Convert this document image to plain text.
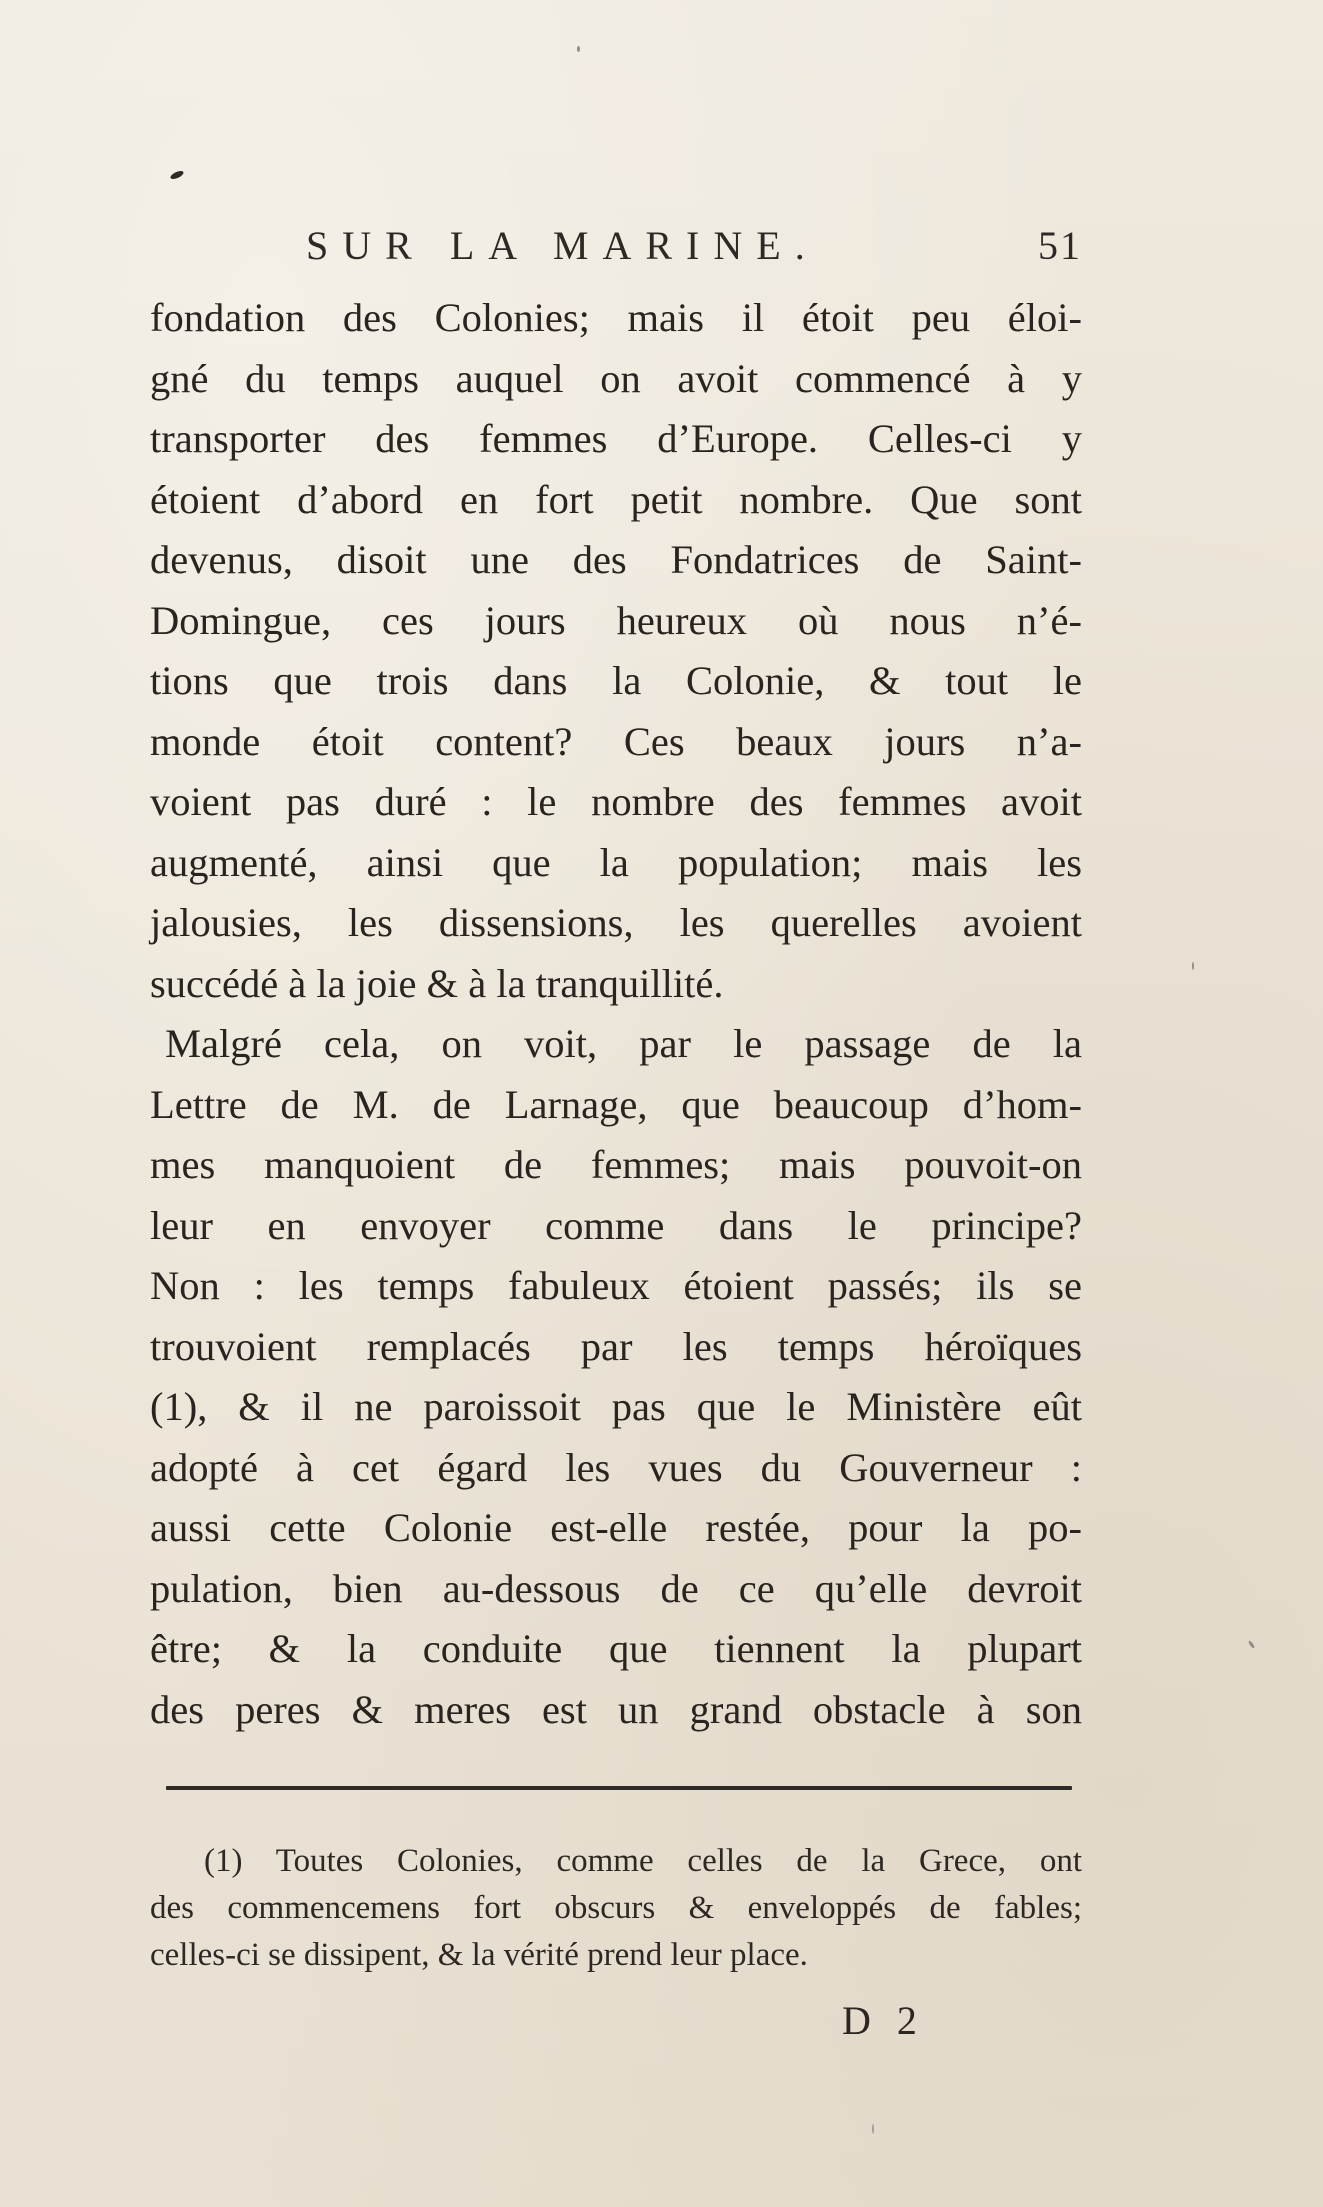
SUR LA MARINE.	51
fondation des Colonies; mais il étoit peu éloi-
gné du temps auquel on avoit commencé à y
transporter des femmes d’Europe. Celles-ci y
étoient d’abord en fort petit nombre. Que sont
devenus, disoit une des Fondatrices de Saint-
Domingue, ces jours heureux où nous n’é-
tions que trois dans la Colonie, & tout le
monde étoit content? Ces beaux jours n’a-
voient pas duré : le nombre des femmes avoit
augmenté, ainsi que la population; mais les
jalousies, les dissensions, les querelles avoient
succédé à la joie & à la tranquillité.
Malgré cela, on voit, par le passage de la
Lettre de M. de Larnage, que beaucoup d’hom-
mes manquoient de femmes; mais pouvoit-on
leur en envoyer comme dans le principe?
Non : les temps fabuleux étoient passés; ils se
trouvoient remplacés par les temps héroïques
(1), & il ne paroissoit pas que le Ministère eût
adopté à cet égard les vues du Gouverneur :
aussi cette Colonie est-elle restée, pour la po-
pulation, bien au-dessous de ce qu’elle devroit
être; & la conduite que tiennent la plupart
des peres & meres est un grand obstacle à son
(1) Toutes Colonies, comme celles de la Grece, ont
des commencemens fort obscurs & enveloppés de fables;
celles-ci se dissipent, & la vérité prend leur place.
D 2
